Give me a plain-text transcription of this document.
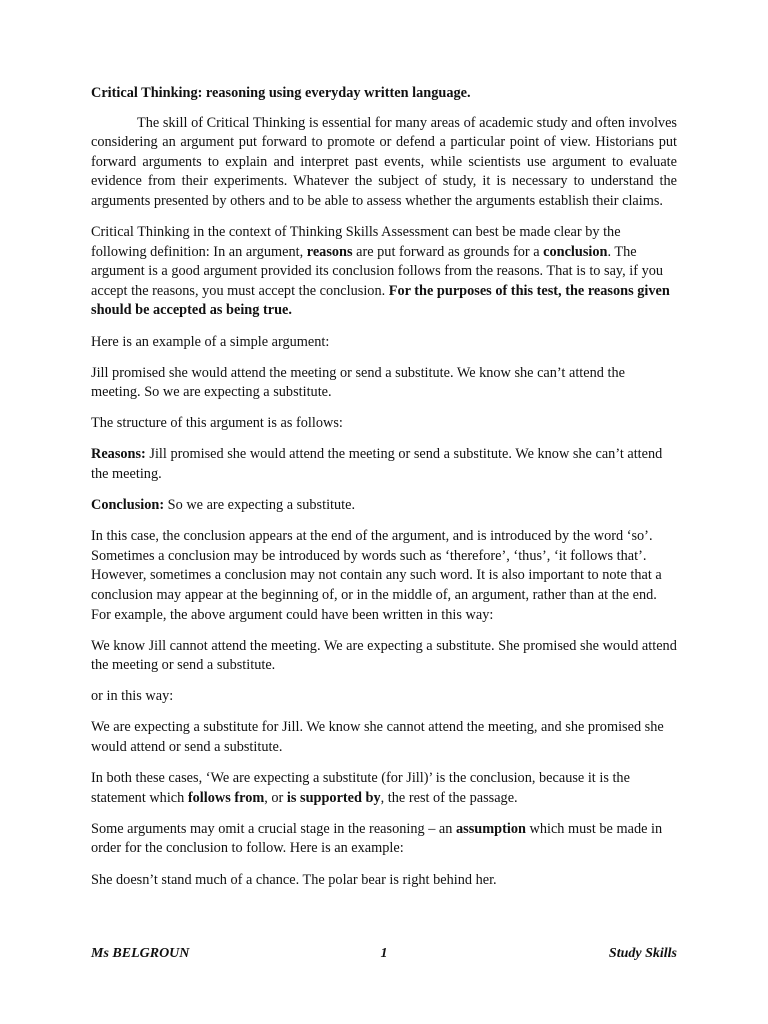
Critical Thinking: reasoning using everyday written language.

The skill of Critical Thinking is essential for many areas of academic study and often involves considering an argument put forward to promote or defend a particular point of view. Historians put forward arguments to explain and interpret past events, while scientists use argument to evaluate evidence from their experiments. Whatever the subject of study, it is necessary to understand the arguments presented by others and to be able to assess whether the arguments establish their claims.

Critical Thinking in the context of Thinking Skills Assessment can best be made clear by the following definition: In an argument, reasons are put forward as grounds for a conclusion. The argument is a good argument provided its conclusion follows from the reasons. That is to say, if you accept the reasons, you must accept the conclusion. For the purposes of this test, the reasons given should be accepted as being true.

Here is an example of a simple argument:

Jill promised she would attend the meeting or send a substitute. We know she can’t attend the meeting. So we are expecting a substitute.

The structure of this argument is as follows:

Reasons: Jill promised she would attend the meeting or send a substitute. We know she can’t attend the meeting.

Conclusion: So we are expecting a substitute.

In this case, the conclusion appears at the end of the argument, and is introduced by the word ‘so’. Sometimes a conclusion may be introduced by words such as ‘therefore’, ‘thus’, ‘it follows that’. However, sometimes a conclusion may not contain any such word. It is also important to note that a conclusion may appear at the beginning of, or in the middle of, an argument, rather than at the end. For example, the above argument could have been written in this way:

We know Jill cannot attend the meeting. We are expecting a substitute. She promised she would attend the meeting or send a substitute.

or in this way:

We are expecting a substitute for Jill. We know she cannot attend the meeting, and she promised she would attend or send a substitute.

In both these cases, ‘We are expecting a substitute (for Jill)’ is the conclusion, because it is the statement which follows from, or is supported by, the rest of the passage.

Some arguments may omit a crucial stage in the reasoning – an assumption which must be made in order for the conclusion to follow. Here is an example:

She doesn’t stand much of a chance. The polar bear is right behind her.

Ms BELGROUN	1	Study Skills
